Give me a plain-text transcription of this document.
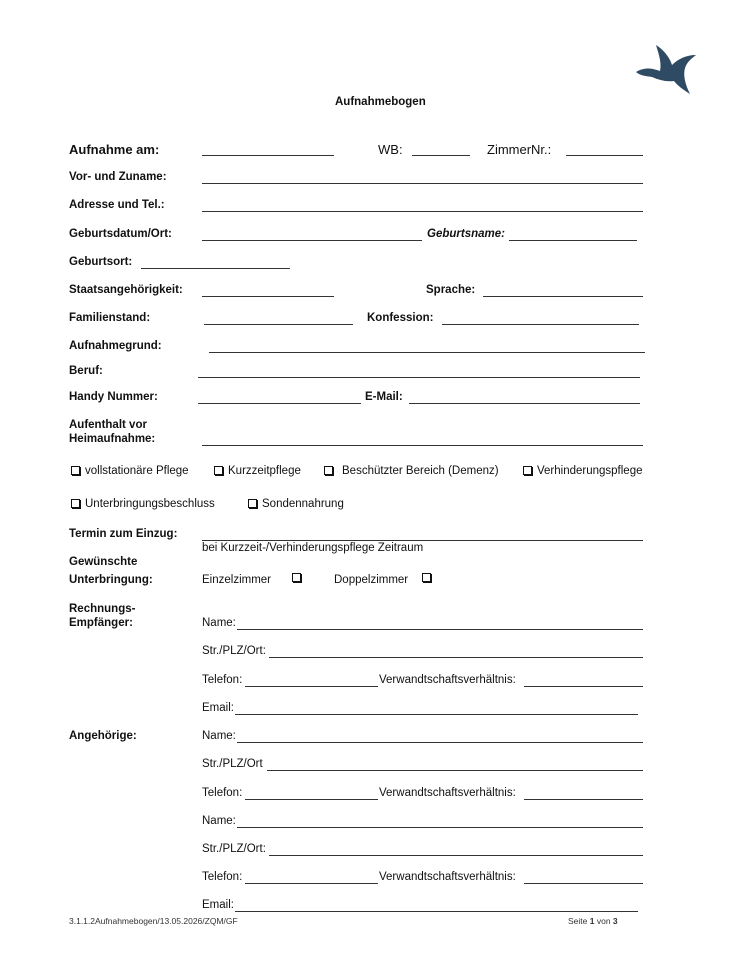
Aufnahmebogen
Aufnahme am:	WB:	ZimmerNr.:
Vor- und Zuname:
Adresse und Tel.:
Geburtsdatum/Ort:	Geburtsname:
Geburtsort:
Staatsangehörigkeit:	Sprache:
Familienstand:	Konfession:
Aufnahmegrund:
Beruf:
Handy Nummer:	E-Mail:
Aufenthalt vor
Heimaufnahme:
vollstationäre Pflege	Kurzzeitpflege	Beschützter Bereich (Demenz)	Verhinderungspflege
Unterbringungsbeschluss	Sondennahrung
Termin zum Einzug:
bei Kurzzeit-/Verhinderungspflege Zeitraum
Gewünschte
Unterbringung:	Einzelzimmer	Doppelzimmer
Rechnungs-
Empfänger:	Name:
Str./PLZ/Ort:
Telefon:	Verwandtschaftsverhältnis:
Email:
Angehörige:	Name:
Str./PLZ/Ort
Telefon:	Verwandtschaftsverhältnis:
Name:
Str./PLZ/Ort:
Telefon:	Verwandtschaftsverhältnis:
Email:
3.1.1.2Aufnahmebogen/13.05.2026/ZQM/GF	Seite 1 von 3
